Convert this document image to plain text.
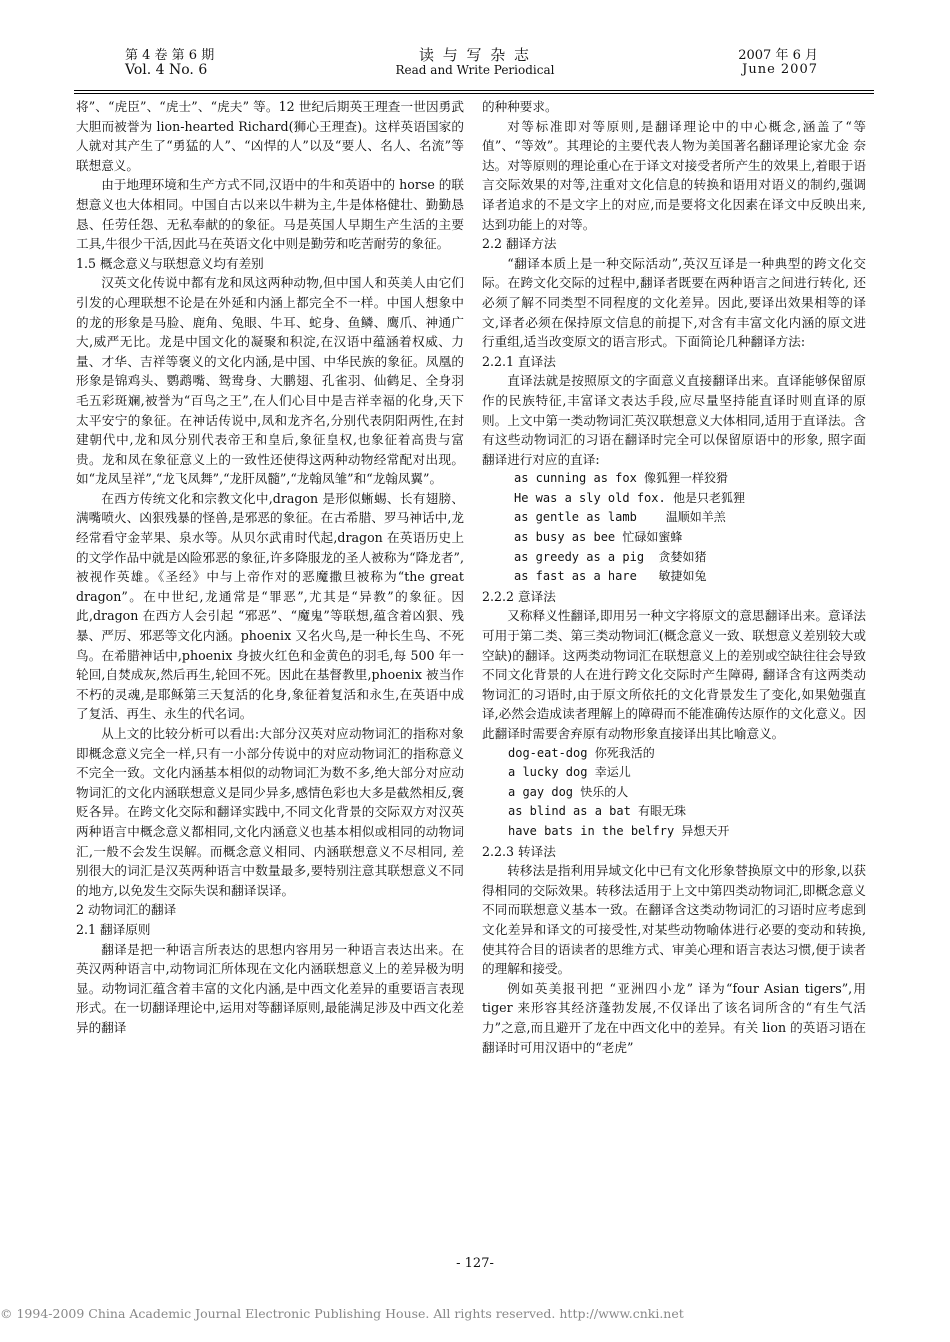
第 4 卷 第 6 期
Vol. 4 No. 6
读 与 写 杂 志
Read and Write Periodical
2007 年 6 月
June 2007

将”、“虎臣”、“虎士”、“虎夫” 等。12 世纪后期英王理查一世因勇武大胆而被誉为 lion-hearted Richard(狮心王理查)。这样英语国家的人就对其产生了“勇猛的人”、“凶悍的人”以及“要人、名人、名流”等联想意义。

由于地理环境和生产方式不同,汉语中的牛和英语中的 horse 的联想意义也大体相同。中国自古以来以牛耕为主,牛是体格健壮、勤勤恳恳、任劳任怨、无私奉献的的象征。马是英国人早期生产生活的主要工具,牛很少干活,因此马在英语文化中则是勤劳和吃苦耐劳的象征。

1.5 概念意义与联想意义均有差别

汉英文化传说中都有龙和凤这两种动物,但中国人和英美人由它们引发的心理联想不论是在外延和内涵上都完全不一样。中国人想象中的龙的形象是马脸、鹿角、兔眼、牛耳、蛇身、鱼鳞、鹰爪、神通广大,威严无比。龙是中国文化的凝聚和积淀,在汉语中蕴涵着权威、力量、才华、吉祥等褒义的文化内涵,是中国、中华民族的象征。凤凰的形象是锦鸡头、鹦鹉嘴、鸳鸯身、大鹏翅、孔雀羽、仙鹤足、全身羽毛五彩斑斓,被誉为“百鸟之王”,在人们心目中是吉祥幸福的化身,天下太平安宁的象征。在神话传说中,凤和龙齐名,分别代表阴阳两性,在封建朝代中,龙和凤分别代表帝王和皇后,象征皇权,也象征着高贵与富贵。龙和凤在象征意义上的一致性还使得这两种动物经常配对出现。如“龙凤呈祥”,“龙飞凤舞”,“龙肝凤髓”,“龙翰凤雏”和“龙翰凤翼”。

在西方传统文化和宗教文化中,dragon 是形似蜥蜴、长有翅膀、满嘴喷火、凶狠残暴的怪兽,是邪恶的象征。在古希腊、罗马神话中,龙经常看守金苹果、泉水等。从贝尔武甫时代起,dragon 在英语历史上的文学作品中就是凶险邪恶的象征,许多降服龙的圣人被称为“降龙者”,被视作英雄。《圣经》中与上帝作对的恶魔撒旦被称为“the great dragon”。在中世纪,龙通常是“罪恶”,尤其是“异教”的象征。因此,dragon 在西方人会引起 “邪恶”、“魔鬼”等联想,蕴含着凶狠、残暴、严厉、邪恶等文化内涵。phoenix 又名火鸟,是一种长生鸟、不死鸟。在希腊神话中,phoenix 身披火红色和金黄色的羽毛,每 500 年一轮回,自焚成灰,然后再生,轮回不死。因此在基督教里,phoenix 被当作不朽的灵魂,是耶稣第三天复活的化身,象征着复活和永生,在英语中成了复活、再生、永生的代名词。

从上文的比较分析可以看出:大部分汉英对应动物词汇的指称对象即概念意义完全一样,只有一小部分传说中的对应动物词汇的指称意义不完全一致。文化内涵基本相似的动物词汇为数不多,绝大部分对应动物词汇的文化内涵联想意义是同少异多,感情色彩也大多是截然相反,褒贬各异。在跨文化交际和翻译实践中,不同文化背景的交际双方对汉英两种语言中概念意义都相同,文化内涵意义也基本相似或相同的动物词汇,一般不会发生误解。而概念意义相同、内涵联想意义不尽相同, 差别很大的词汇是汉英两种语言中数量最多,要特别注意其联想意义不同的地方,以免发生交际失误和翻译误译。

2 动物词汇的翻译

2.1 翻译原则

翻译是把一种语言所表达的思想内容用另一种语言表达出来。在英汉两种语言中,动物词汇所体现在文化内涵联想意义上的差异极为明显。动物词汇蕴含着丰富的文化内涵,是中西文化差异的重要语言表现形式。在一切翻译理论中,运用对等翻译原则,最能满足涉及中西文化差异的翻译

的种种要求。

对等标准即对等原则,是翻译理论中的中心概念,涵盖了“等值”、“等效”。其理论的主要代表人物为美国著名翻译理论家尤金 奈达。对等原则的理论重心在于译文对接受者所产生的效果上,着眼于语言交际效果的对等,注重对文化信息的转换和语用对语义的制约,强调译者追求的不是文字上的对应,而是要将文化因素在译文中反映出来, 达到功能上的对等。

2.2 翻译方法

“翻译本质上是一种交际活动”,英汉互译是一种典型的跨文化交际。在跨文化交际的过程中,翻译者既要在两种语言之间进行转化, 还必须了解不同类型不同程度的文化差异。因此,要译出效果相等的译文,译者必须在保持原文信息的前提下,对含有丰富文化内涵的原文进行重组,适当改变原文的语言形式。下面简论几种翻译方法:

2.2.1 直译法

直译法就是按照原文的字面意义直接翻译出来。直译能够保留原作的民族特征,丰富译文表达手段,应尽量坚持能直译时则直译的原则。上文中第一类动物词汇英汉联想意义大体相同,适用于直译法。含有这些动物词汇的习语在翻译时完全可以保留原语中的形象, 照字面翻译进行对应的直译:

as cunning as fox 像狐狸一样狡猾

He was a sly old fox. 他是只老狐狸

as gentle as lamb    温顺如羊羔

as busy as bee 忙碌如蜜蜂

as greedy as a pig  贪婪如猪

as fast as a hare   敏捷如兔

2.2.2 意译法

又称释义性翻译,即用另一种文字将原文的意思翻译出来。意译法可用于第二类、第三类动物词汇(概念意义一致、联想意义差别较大或空缺)的翻译。这两类动物词汇在联想意义上的差别或空缺往往会导致不同文化背景的人在进行跨文化交际时产生障碍, 翻译含有这两类动物词汇的习语时,由于原文所依托的文化背景发生了变化,如果勉强直译,必然会造成读者理解上的障碍而不能准确传达原作的文化意义。因此翻译时需要舍弃原有动物形象直接译出其比喻意义。

dog-eat-dog 你死我活的

a lucky dog 幸运儿

a gay dog 快乐的人

as blind as a bat 有眼无珠

have bats in the belfry 异想天开

2.2.3 转译法

转移法是指利用异域文化中已有文化形象替换原文中的形象,以获得相同的交际效果。转移法适用于上文中第四类动物词汇,即概念意义不同而联想意义基本一致。在翻译含这类动物词汇的习语时应考虑到文化差异和译文的可接受性,对某些动物喻体进行必要的变动和转换,使其符合目的语读者的思维方式、审美心理和语言表达习惯,便于读者的理解和接受。

例如英美报刊把 “亚洲四小龙” 译为“four Asian tigers”,用 tiger 来形容其经济蓬勃发展,不仅译出了该名词所含的“有生气活力”之意,而且避开了龙在中西文化中的差异。有关 lion 的英语习语在翻译时可用汉语中的“老虎”

- 127-
© 1994-2009 China Academic Journal Electronic Publishing House. All rights reserved. http://www.cnki.net
